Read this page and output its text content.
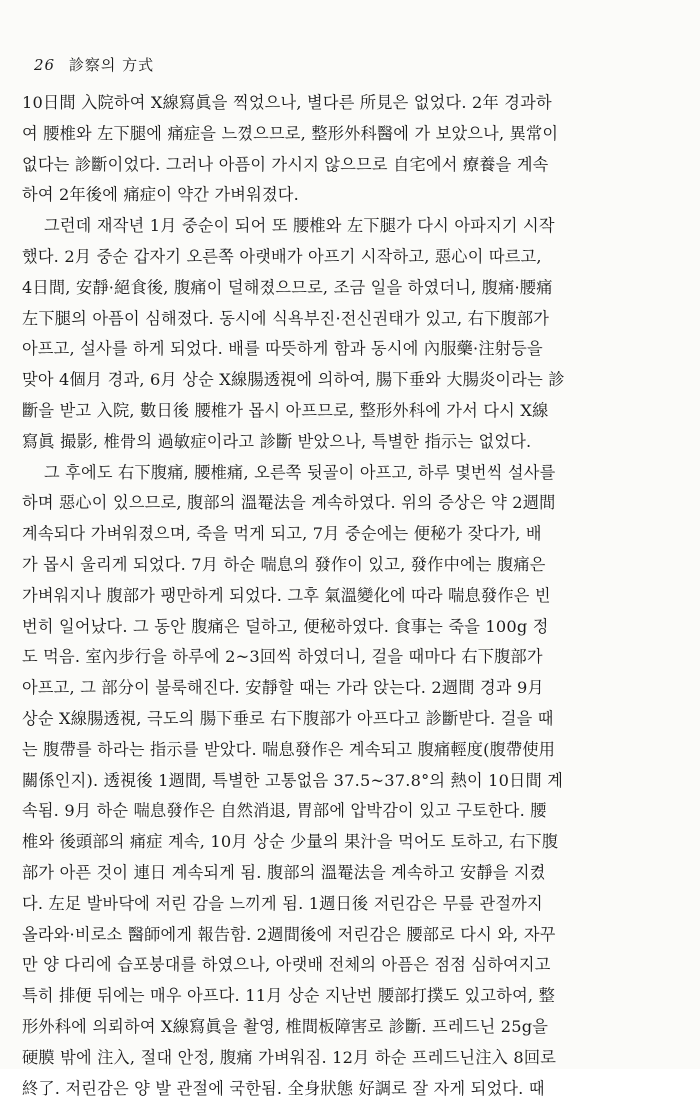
26 診察의 方式
10日間 入院하여 X線寫眞을 찍었으나, 별다른 所見은 없었다. 2年 경과하
여 腰椎와 左下腿에 痛症을 느꼈으므로, 整形外科醫에 가 보았으나, 異常이
없다는 診斷이었다. 그러나 아픔이 가시지 않으므로 自宅에서 療養을 계속
하여 2年後에 痛症이 약간 가벼워졌다.
그런데 재작년 1月 중순이 되어 또 腰椎와 左下腿가 다시 아파지기 시작
했다. 2月 중순 갑자기 오른쪽 아랫배가 아프기 시작하고, 惡心이 따르고,
4日間, 安靜·絕食後, 腹痛이 덜해졌으므로, 조금 일을 하였더니, 腹痛·腰痛
左下腿의 아픔이 심해졌다. 동시에 식욕부진·전신권태가 있고, 右下腹部가
아프고, 설사를 하게 되었다. 배를 따뜻하게 함과 동시에 內服藥·注射등을
맞아 4個月 경과, 6月 상순 X線腸透視에 의하여, 腸下垂와 大腸炎이라는 診
斷을 받고 入院, 數日後 腰椎가 몹시 아프므로, 整形外科에 가서 다시 X線
寫眞 撮影, 椎骨의 過敏症이라고 診斷 받았으나, 특별한 指示는 없었다.
그 후에도 右下腹痛, 腰椎痛, 오른쪽 뒷골이 아프고, 하루 몇번씩 설사를
하며 惡心이 있으므로, 腹部의 溫罨法을 계속하였다. 위의 증상은 약 2週間
계속되다 가벼워졌으며, 죽을 먹게 되고, 7月 중순에는 便秘가 잦다가, 배
가 몹시 울리게 되었다. 7月 하순 喘息의 發作이 있고, 發作中에는 腹痛은
가벼워지나 腹部가 팽만하게 되었다. 그후 氣溫變化에 따라 喘息發作은 빈
번히 일어났다. 그 동안 腹痛은 덜하고, 便秘하였다. 食事는 죽을 100g 정
도 먹음. 室內步行을 하루에 2~3回씩 하였더니, 걸을 때마다 右下腹部가
아프고, 그 部分이 불룩해진다. 安靜할 때는 가라 앉는다. 2週間 경과 9月
상순 X線腸透視, 극도의 腸下垂로 右下腹部가 아프다고 診斷받다. 걸을 때
는 腹帶를 하라는 指示를 받았다. 喘息發作은 계속되고 腹痛輕度(腹帶使用
關係인지). 透視後 1週間, 특별한 고통없음 37.5~37.8°의 熱이 10日間 계
속됨. 9月 하순 喘息發作은 自然消退, 胃部에 압박감이 있고 구토한다. 腰
椎와 後頭部의 痛症 계속, 10月 상순 少量의 果汁을 먹어도 토하고, 右下腹
部가 아픈 것이 連日 계속되게 됨. 腹部의 溫罨法을 계속하고 安靜을 지켰
다. 左足 발바닥에 저린 감을 느끼게 됨. 1週日後 저린감은 무릎 관절까지
올라와·비로소 醫師에게 報告함. 2週間後에 저린감은 腰部로 다시 와, 자꾸
만 양 다리에 습포붕대를 하였으나, 아랫배 전체의 아픔은 점점 심하여지고
특히 排便 뒤에는 매우 아프다. 11月 상순 지난번 腰部打撲도 있고하여, 整
形外科에 의뢰하여 X線寫眞을 촬영, 椎間板障害로 診斷. 프레드닌 25g을
硬膜 밖에 注入, 절대 안정, 腹痛 가벼워짐. 12月 하순 프레드닌注入 8回로
終了. 저린감은 양 발 관절에 국한됨. 全身狀態 好調로 잘 자게 되었다. 때
